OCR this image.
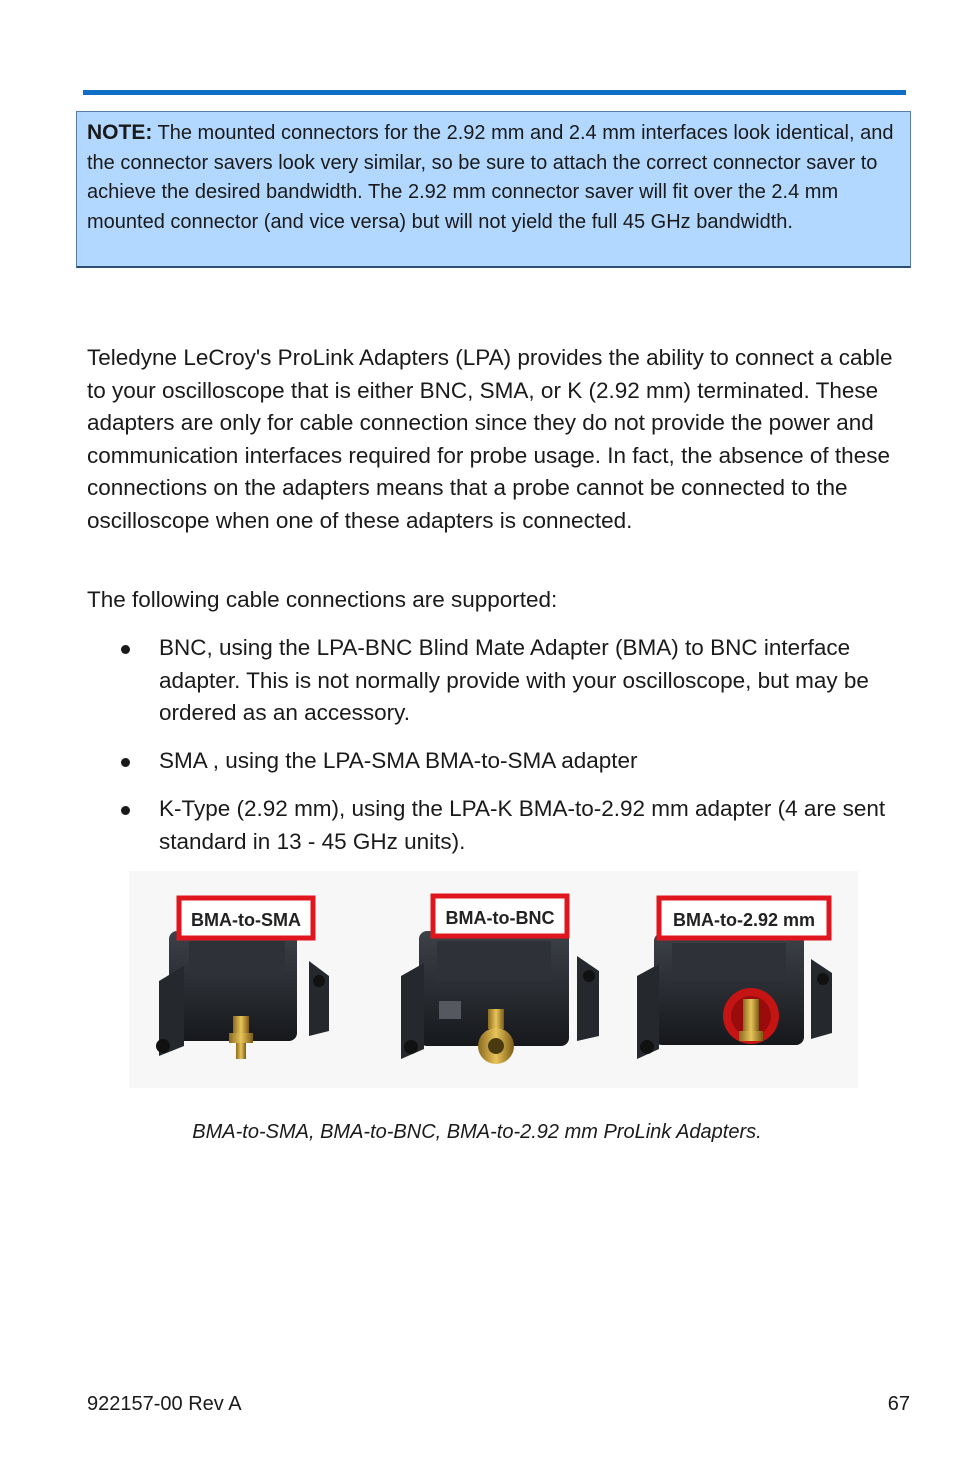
NOTE: The mounted connectors for the 2.92 mm and 2.4 mm interfaces look identical, and the connector savers look very similar, so be sure to attach the correct connector saver to achieve the desired bandwidth. The 2.92 mm connector saver will fit over the 2.4 mm mounted connector (and vice versa) but will not yield the full 45 GHz bandwidth.

Teledyne LeCroy's ProLink Adapters (LPA) provides the ability to connect a cable to your oscilloscope that is either BNC, SMA, or K (2.92 mm) terminated. These adapters are only for cable connection since they do not provide the power and communication interfaces required for probe usage. In fact, the absence of these connections on the adapters means that a probe cannot be connected to the oscilloscope when one of these adapters is connected.

The following cable connections are supported:

BNC, using the LPA-BNC Blind Mate Adapter (BMA) to BNC interface adapter. This is not normally provide with your oscilloscope, but may be ordered as an accessory.
SMA , using the LPA-SMA BMA-to-SMA adapter
K-Type (2.92 mm), using the LPA-K BMA-to-2.92 mm adapter (4 are sent standard in 13 - 45 GHz units).
BMA-to-SMA	BMA-to-BNC	BMA-to-2.92 mm
BMA-to-SMA, BMA-to-BNC, BMA-to-2.92 mm ProLink Adapters.
922157-00 Rev A	67
